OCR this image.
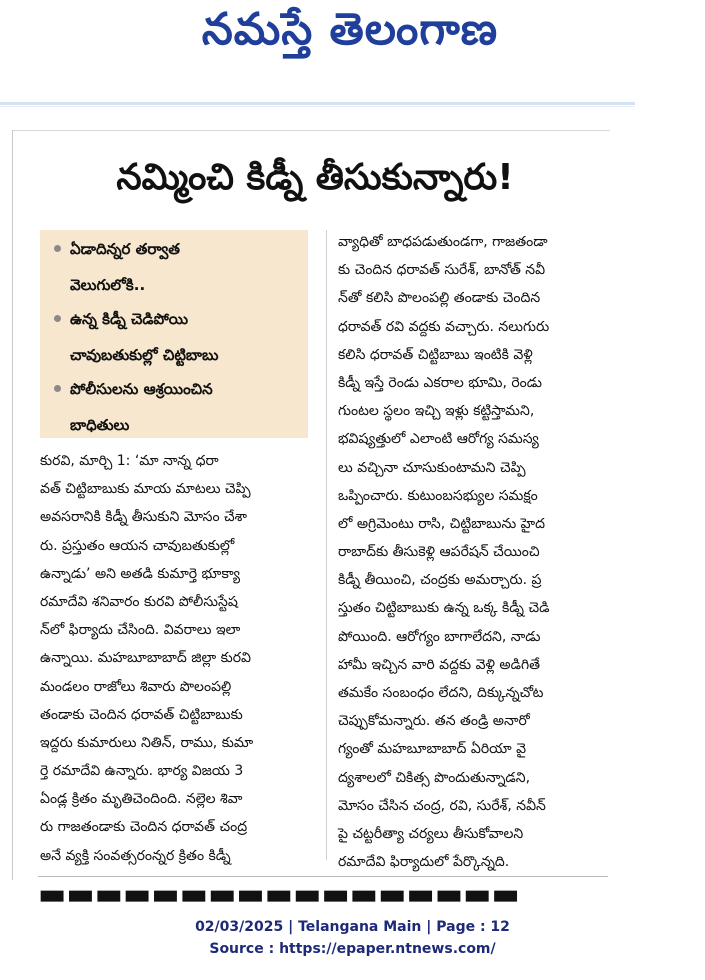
నమస్తే తెలంగాణ
నమ్మించి కిడ్నీ తీసుకున్నారు!
ఏడాదిన్నర తర్వాత
వెలుగులోకి..
ఉన్న కిడ్నీ చెడిపోయి
చావుబతుకుల్లో చిట్టిబాబు
పోలీసులను ఆశ్రయించిన
బాధితులు
కురవి, మార్చి 1: ‘మా నాన్న ధరా
వత్ చిట్టిబాబుకు మాయ మాటలు చెప్పి
అవసరానికి కిడ్నీ తీసుకుని మోసం చేశా
రు. ప్రస్తుతం ఆయన చావుబతుకుల్లో
ఉన్నాడు’ అని అతడి కుమార్తె భూక్యా
రమాదేవి శనివారం కురవి పోలీసుస్టేష
న్‌లో ఫిర్యాదు చేసింది. వివరాలు ఇలా
ఉన్నాయి. మహబూబాబాద్ జిల్లా కురవి
మండలం రాజోలు శివారు పొలంపల్లి
తండాకు చెందిన ధరావత్ చిట్టిబాబుకు
ఇద్దరు కుమారులు నితిన్, రాము, కుమా
ర్తె రమాదేవి ఉన్నారు. భార్య విజయ 3
ఏండ్ల క్రితం మృతిచెందింది. నల్లెల శివా
రు గాజతండాకు చెందిన ధరావత్ చంద్ర
అనే వ్యక్తి సంవత్సరంన్నర క్రితం కిడ్నీ
వ్యాధితో బాధపడుతుండగా, గాజతండా
కు చెందిన ధరావత్ సురేశ్, బానోత్ నవీ
న్‌తో కలిసి పొలంపల్లి తండాకు చెందిన
ధరావత్ రవి వద్దకు వచ్చారు. నలుగురు
కలిసి ధరావత్ చిట్టిబాబు ఇంటికి వెళ్లి
కిడ్నీ ఇస్తే రెండు ఎకరాల భూమి, రెండు
గుంటల స్థలం ఇచ్చి ఇళ్లు కట్టిస్తామని,
భవిష్యత్తులో ఎలాంటి ఆరోగ్య సమస్య
లు వచ్చినా చూసుకుంటామని చెప్పి
ఒప్పించారు. కుటుంబసభ్యుల సమక్షం
లో అగ్రిమెంటు రాసి, చిట్టిబాబును హైద
రాబాద్‌కు తీసుకెళ్లి ఆపరేషన్ చేయించి
కిడ్నీ తీయించి, చంద్రకు అమర్చారు. ప్ర
స్తుతం చిట్టిబాబుకు ఉన్న ఒక్క కిడ్నీ చెడి
పోయింది. ఆరోగ్యం బాగాలేదని, నాడు
హామీ ఇచ్చిన వారి వద్దకు వెళ్లి అడిగితే
తమకేం సంబంధం లేదని, దిక్కున్నచోట
చెప్పుకోమన్నారు. తన తండ్రి అనారో
గ్యంతో మహబూబాబాద్ ఏరియా వై
ద్యశాలలో చికిత్స పొందుతున్నాడని,
మోసం చేసిన చంద్ర, రవి, సురేశ్, నవీన్
పై చట్టరీత్యా చర్యలు తీసుకోవాలని
రమాదేవి ఫిర్యాదులో పేర్కొన్నది.
▬▬▬▬▬▬▬▬▬▬▬▬▬▬▬▬▬
02/03/2025 | Telangana Main | Page : 12
Source : https://epaper.ntnews.com/
